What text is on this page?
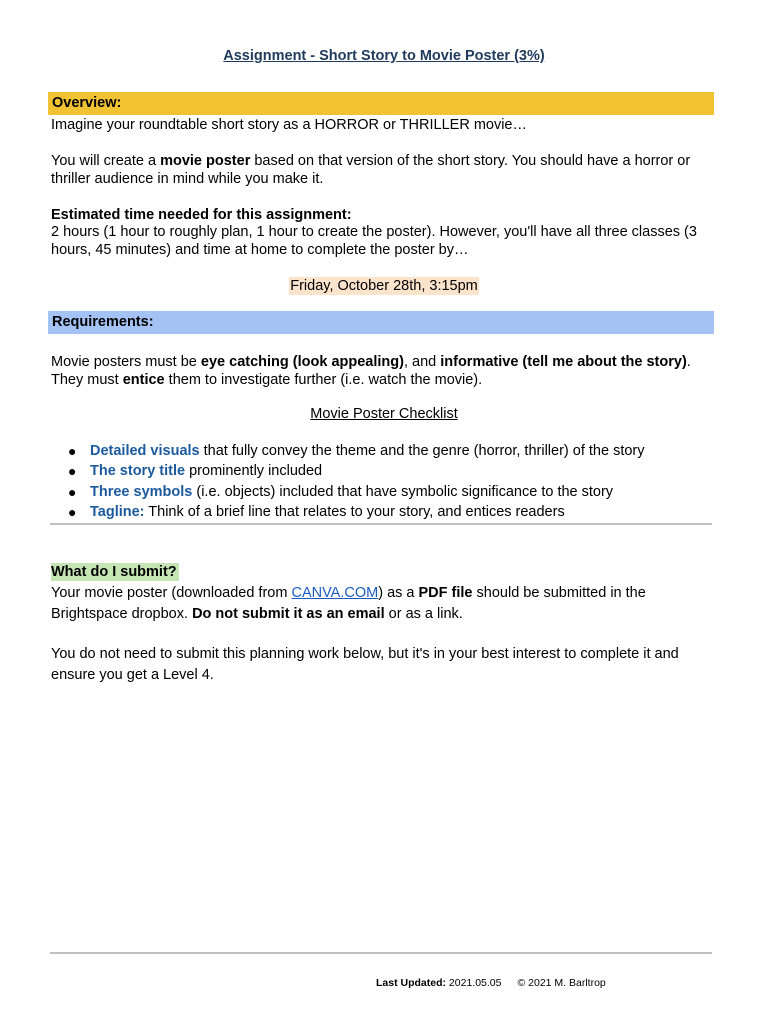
Assignment - Short Story to Movie Poster (3%)
Overview:
Imagine your roundtable short story as a HORROR or THRILLER movie…
You will create a movie poster based on that version of the short story. You should have a horror or thriller audience in mind while you make it.
Estimated time needed for this assignment:
2 hours (1 hour to roughly plan, 1 hour to create the poster). However, you'll have all three classes (3 hours, 45 minutes) and time at home to complete the poster by…
Friday, October 28th, 3:15pm
Requirements:
Movie posters must be eye catching (look appealing), and informative (tell me about the story). They must entice them to investigate further (i.e. watch the movie).
Movie Poster Checklist
● Detailed visuals that fully convey the theme and the genre (horror, thriller) of the story
● The story title prominently included
● Three symbols (i.e. objects) included that have symbolic significance to the story
● Tagline: Think of a brief line that relates to your story, and entices readers
What do I submit?
Your movie poster (downloaded from CANVA.COM) as a PDF file should be submitted in the Brightspace dropbox. Do not submit it as an email or as a link.
You do not need to submit this planning work below, but it's in your best interest to complete it and ensure you get a Level 4.
Last Updated: 2021.05.05 © 2021 M. Barltrop
